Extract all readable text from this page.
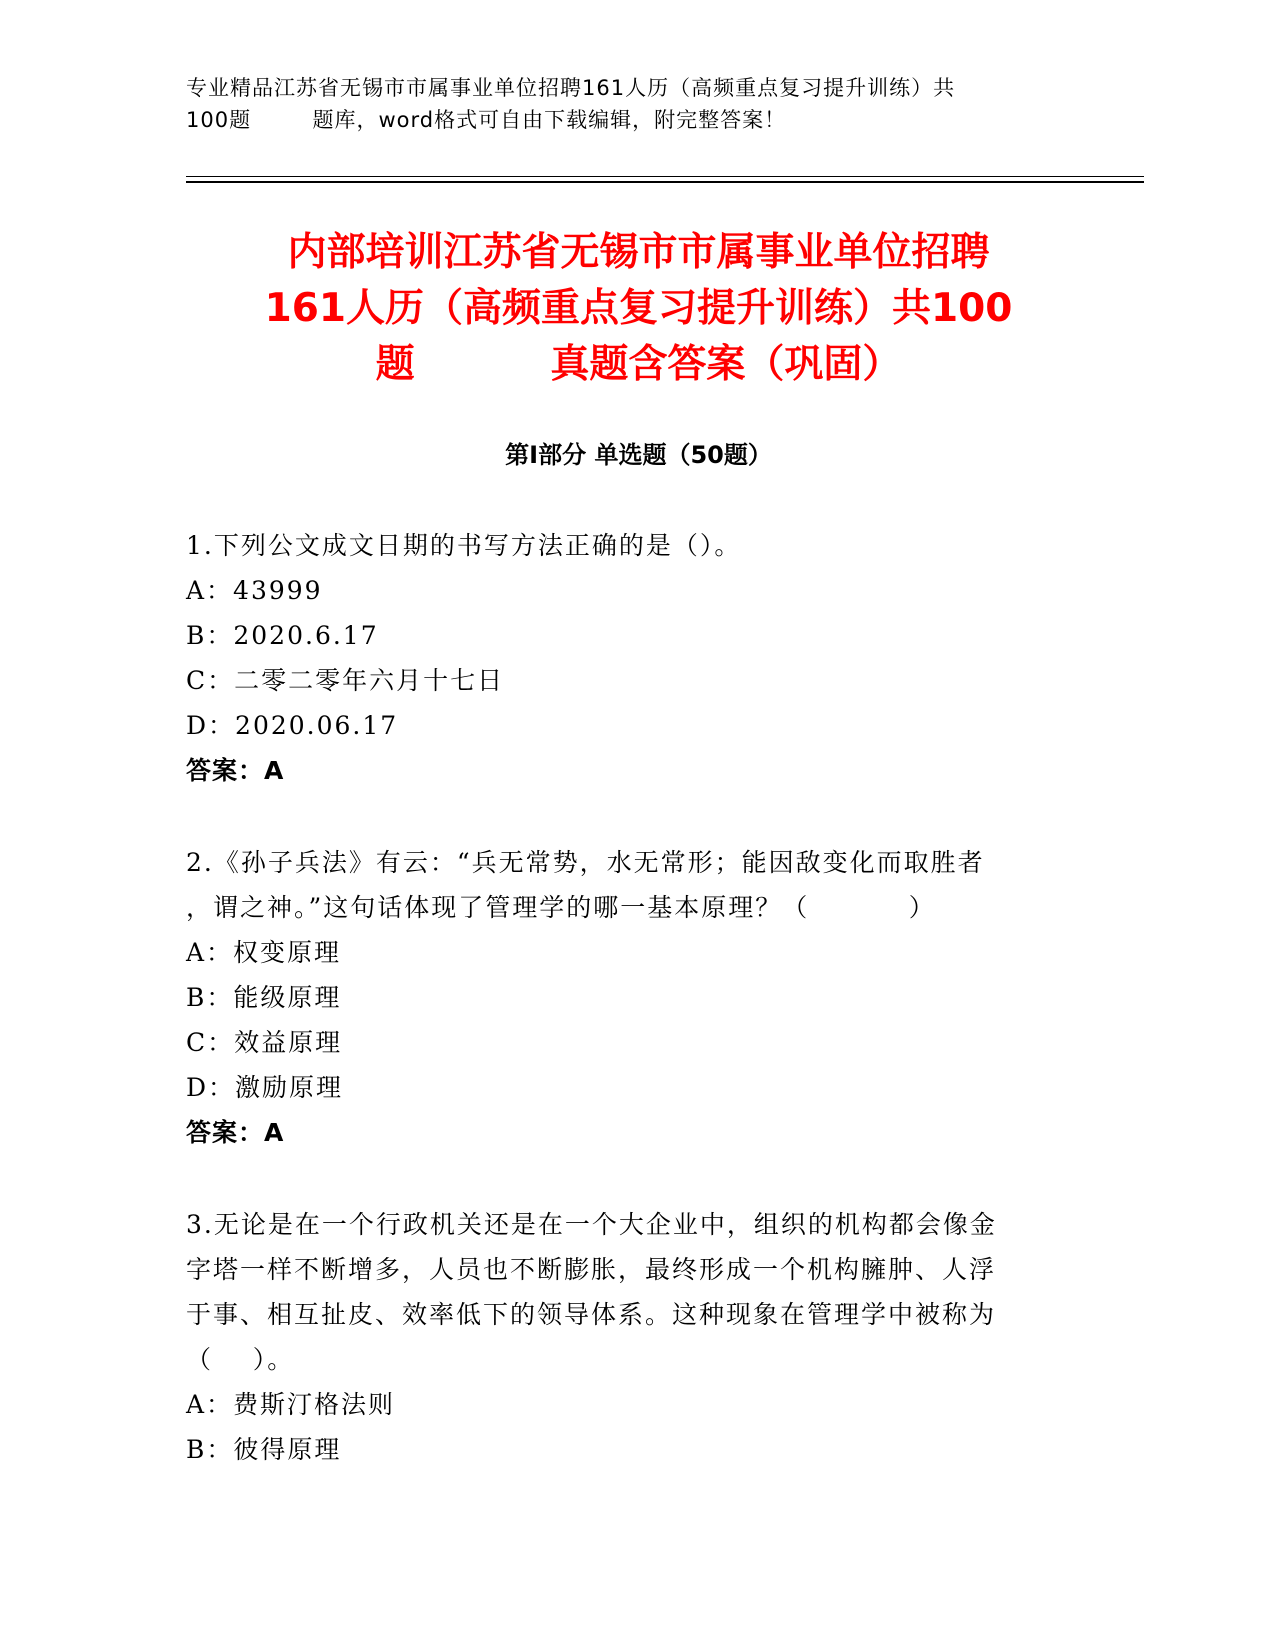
专业精品江苏省无锡市市属事业单位招聘161人历（高频重点复习提升训练）共
100题        题库，word格式可自由下载编辑，附完整答案！
内部培训江苏省无锡市市属事业单位招聘
161人历（高频重点复习提升训练）共100
题          真题含答案（巩固）
第Ⅰ部分 单选题（50题）
1.下列公文成文日期的书写方法正确的是（）。
A：43999
B：2020.6.17
C：二零二零年六月十七日
D：2020.06.17
答案：A
2.《孙子兵法》有云：“兵无常势，水无常形；能因敌变化而取胜者
，谓之神。”这句话体现了管理学的哪一基本原理？（          ）
A：权变原理
B：能级原理
C：效益原理
D：激励原理
答案：A
3.无论是在一个行政机关还是在一个大企业中，组织的机构都会像金
字塔一样不断增多，人员也不断膨胀，最终形成一个机构臃肿、人浮
于事、相互扯皮、效率低下的领导体系。这种现象在管理学中被称为
（    ）。
A：费斯汀格法则
B：彼得原理
